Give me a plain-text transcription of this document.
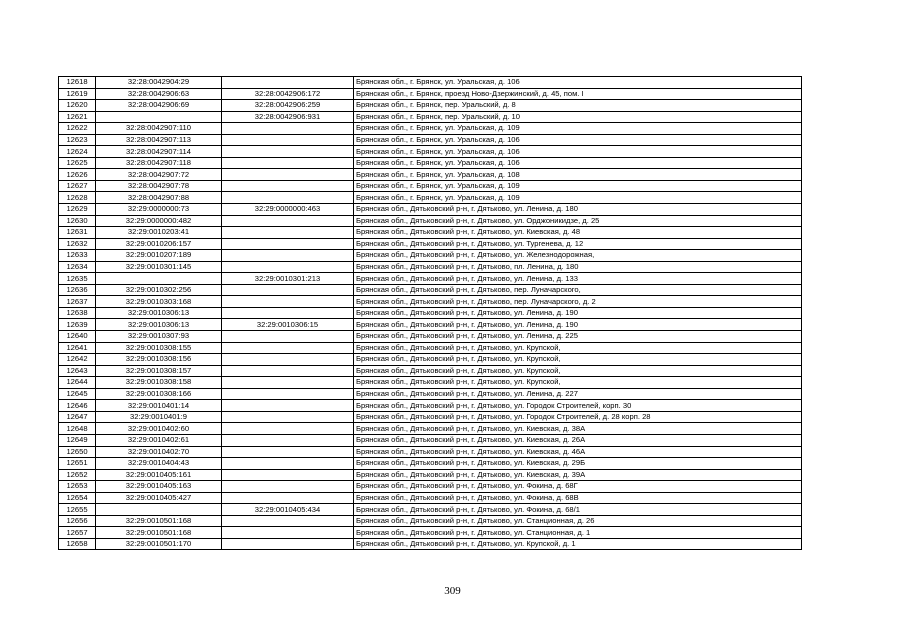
12618	32:28:0042904:29		Брянская обл., г. Брянск, ул. Уральская, д. 106
12619	32:28:0042906:63	32:28:0042906:172	Брянская обл., г. Брянск, проезд Ново-Дзержинский, д. 45, пом. I
12620	32:28:0042906:69	32:28:0042906:259	Брянская обл., г. Брянск, пер. Уральский, д. 8
12621		32:28:0042906:931	Брянская обл., г. Брянск, пер. Уральский, д. 10
12622	32:28:0042907:110		Брянская обл., г. Брянск, ул. Уральская, д. 109
12623	32:28:0042907:113		Брянская обл., г. Брянск, ул. Уральская, д. 106
12624	32:28:0042907:114		Брянская обл., г. Брянск, ул. Уральская, д. 106
12625	32:28:0042907:118		Брянская обл., г. Брянск, ул. Уральская, д. 106
12626	32:28:0042907:72		Брянская обл., г. Брянск, ул. Уральская, д. 108
12627	32:28:0042907:78		Брянская обл., г. Брянск, ул. Уральская, д. 109
12628	32:28:0042907:88		Брянская обл., г. Брянск, ул. Уральская, д. 109
12629	32:29:0000000:73	32:29:0000000:463	Брянская обл., Дятьковский р-н, г. Дятьково, ул. Ленина, д. 180
12630	32:29:0000000:482		Брянская обл., Дятьковский р-н, г. Дятьково, ул. Орджоникидзе, д. 25
12631	32:29:0010203:41		Брянская обл., Дятьковский р-н, г. Дятьково, ул. Киевская, д. 48
12632	32:29:0010206:157		Брянская обл., Дятьковский р-н, г. Дятьково, ул. Тургенева, д. 12
12633	32:29:0010207:189		Брянская обл., Дятьковский р-н, г. Дятьково, ул. Железнодорожная,
12634	32:29:0010301:145		Брянская обл., Дятьковский р-н, г. Дятьково, пл. Ленина, д. 180
12635		32:29:0010301:213	Брянская обл., Дятьковский р-н, г. Дятьково, ул. Ленина, д. 133
12636	32:29:0010302:256		Брянская обл., Дятьковский р-н, г. Дятьково, пер. Луначарского,
12637	32:29:0010303:168		Брянская обл., Дятьковский р-н, г. Дятьково, пер. Луначарского, д. 2
12638	32:29:0010306:13		Брянская обл., Дятьковский р-н, г. Дятьково, ул. Ленина, д. 190
12639	32:29:0010306:13	32:29:0010306:15	Брянская обл., Дятьковский р-н, г. Дятьково, ул. Ленина, д. 190
12640	32:29:0010307:93		Брянская обл., Дятьковский р-н, г. Дятьково, ул. Ленина, д. 225
12641	32:29:0010308:155		Брянская обл., Дятьковский р-н, г. Дятьково, ул. Крупской,
12642	32:29:0010308:156		Брянская обл., Дятьковский р-н, г. Дятьково, ул. Крупской,
12643	32:29:0010308:157		Брянская обл., Дятьковский р-н, г. Дятьково, ул. Крупской,
12644	32:29:0010308:158		Брянская обл., Дятьковский р-н, г. Дятьково, ул. Крупской,
12645	32:29:0010308:166		Брянская обл., Дятьковский р-н, г. Дятьково, ул. Ленина, д. 227
12646	32:29:0010401:14		Брянская обл., Дятьковский р-н, г. Дятьково, ул. Городок Строителей, корп. 30
12647	32:29:0010401:9		Брянская обл., Дятьковский р-н, г. Дятьково, ул. Городок Строителей, д. 28 корп. 28
12648	32:29:0010402:60		Брянская обл., Дятьковский р-н, г. Дятьково, ул. Киевская, д. 38А
12649	32:29:0010402:61		Брянская обл., Дятьковский р-н, г. Дятьково, ул. Киевская, д. 26А
12650	32:29:0010402:70		Брянская обл., Дятьковский р-н, г. Дятьково, ул. Киевская, д. 46А
12651	32:29:0010404:43		Брянская обл., Дятьковский р-н, г. Дятьково, ул. Киевская, д. 29Б
12652	32:29:0010405:161		Брянская обл., Дятьковский р-н, г. Дятьково, ул. Киевская, д. 39А
12653	32:29:0010405:163		Брянская обл., Дятьковский р-н, г. Дятьково, ул. Фокина, д. 68Г
12654	32:29:0010405:427		Брянская обл., Дятьковский р-н, г. Дятьково, ул. Фокина, д. 68В
12655		32:29:0010405:434	Брянская обл., Дятьковский р-н, г. Дятьково, ул. Фокина, д. 68/1
12656	32:29:0010501:168		Брянская обл., Дятьковский р-н, г. Дятьково, ул. Станционная, д. 26
12657	32:29:0010501:168		Брянская обл., Дятьковский р-н, г. Дятьково, ул. Станционная, д. 1
12658	32:29:0010501:170		Брянская обл., Дятьковский р-н, г. Дятьково, ул. Крупской, д. 1
309
